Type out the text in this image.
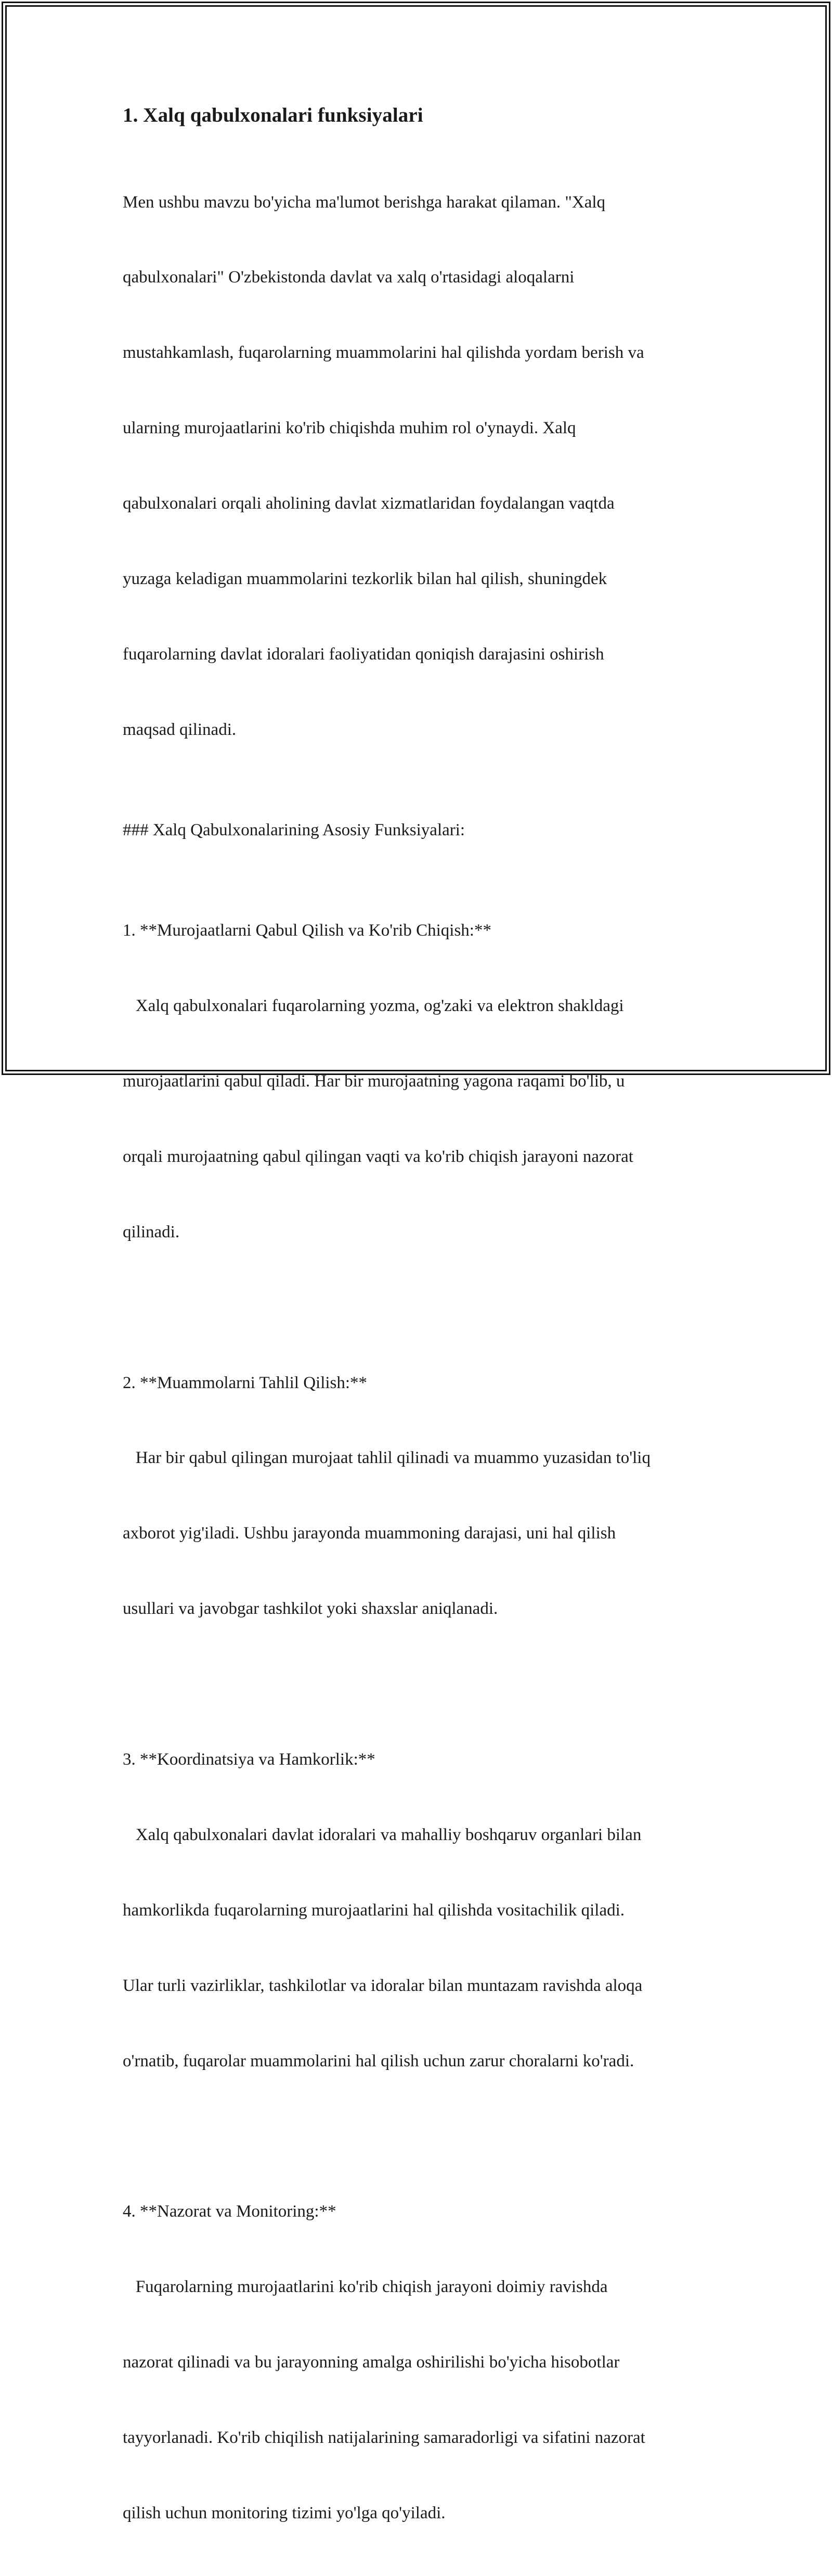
1. Xalq qabulxonalari funksiyalari

Men ushbu mavzu bo'yicha ma'lumot berishga harakat qilaman. "Xalq

qabulxonalari" O'zbekistonda davlat va xalq o'rtasidagi aloqalarni

mustahkamlash, fuqarolarning muammolarini hal qilishda yordam berish va

ularning murojaatlarini ko'rib chiqishda muhim rol o'ynaydi. Xalq

qabulxonalari orqali aholining davlat xizmatlaridan foydalangan vaqtda

yuzaga keladigan muammolarini tezkorlik bilan hal qilish, shuningdek

fuqarolarning davlat idoralari faoliyatidan qoniqish darajasini oshirish

maqsad qilinadi.

### Xalq Qabulxonalarining Asosiy Funksiyalari:

1. **Murojaatlarni Qabul Qilish va Ko'rib Chiqish:**

Xalq qabulxonalari fuqarolarning yozma, og'zaki va elektron shakldagi

murojaatlarini qabul qiladi. Har bir murojaatning yagona raqami bo'lib, u

orqali murojaatning qabul qilingan vaqti va ko'rib chiqish jarayoni nazorat

qilinadi.

2. **Muammolarni Tahlil Qilish:**

Har bir qabul qilingan murojaat tahlil qilinadi va muammo yuzasidan to'liq

axborot yig'iladi. Ushbu jarayonda muammoning darajasi, uni hal qilish

usullari va javobgar tashkilot yoki shaxslar aniqlanadi.

3. **Koordinatsiya va Hamkorlik:**

Xalq qabulxonalari davlat idoralari va mahalliy boshqaruv organlari bilan

hamkorlikda fuqarolarning murojaatlarini hal qilishda vositachilik qiladi.

Ular turli vazirliklar, tashkilotlar va idoralar bilan muntazam ravishda aloqa

o'rnatib, fuqarolar muammolarini hal qilish uchun zarur choralarni ko'radi.

4. **Nazorat va Monitoring:**

Fuqarolarning murojaatlarini ko'rib chiqish jarayoni doimiy ravishda

nazorat qilinadi va bu jarayonning amalga oshirilishi bo'yicha hisobotlar

tayyorlanadi. Ko'rib chiqilish natijalarining samaradorligi va sifatini nazorat

qilish uchun monitoring tizimi yo'lga qo'yiladi.
